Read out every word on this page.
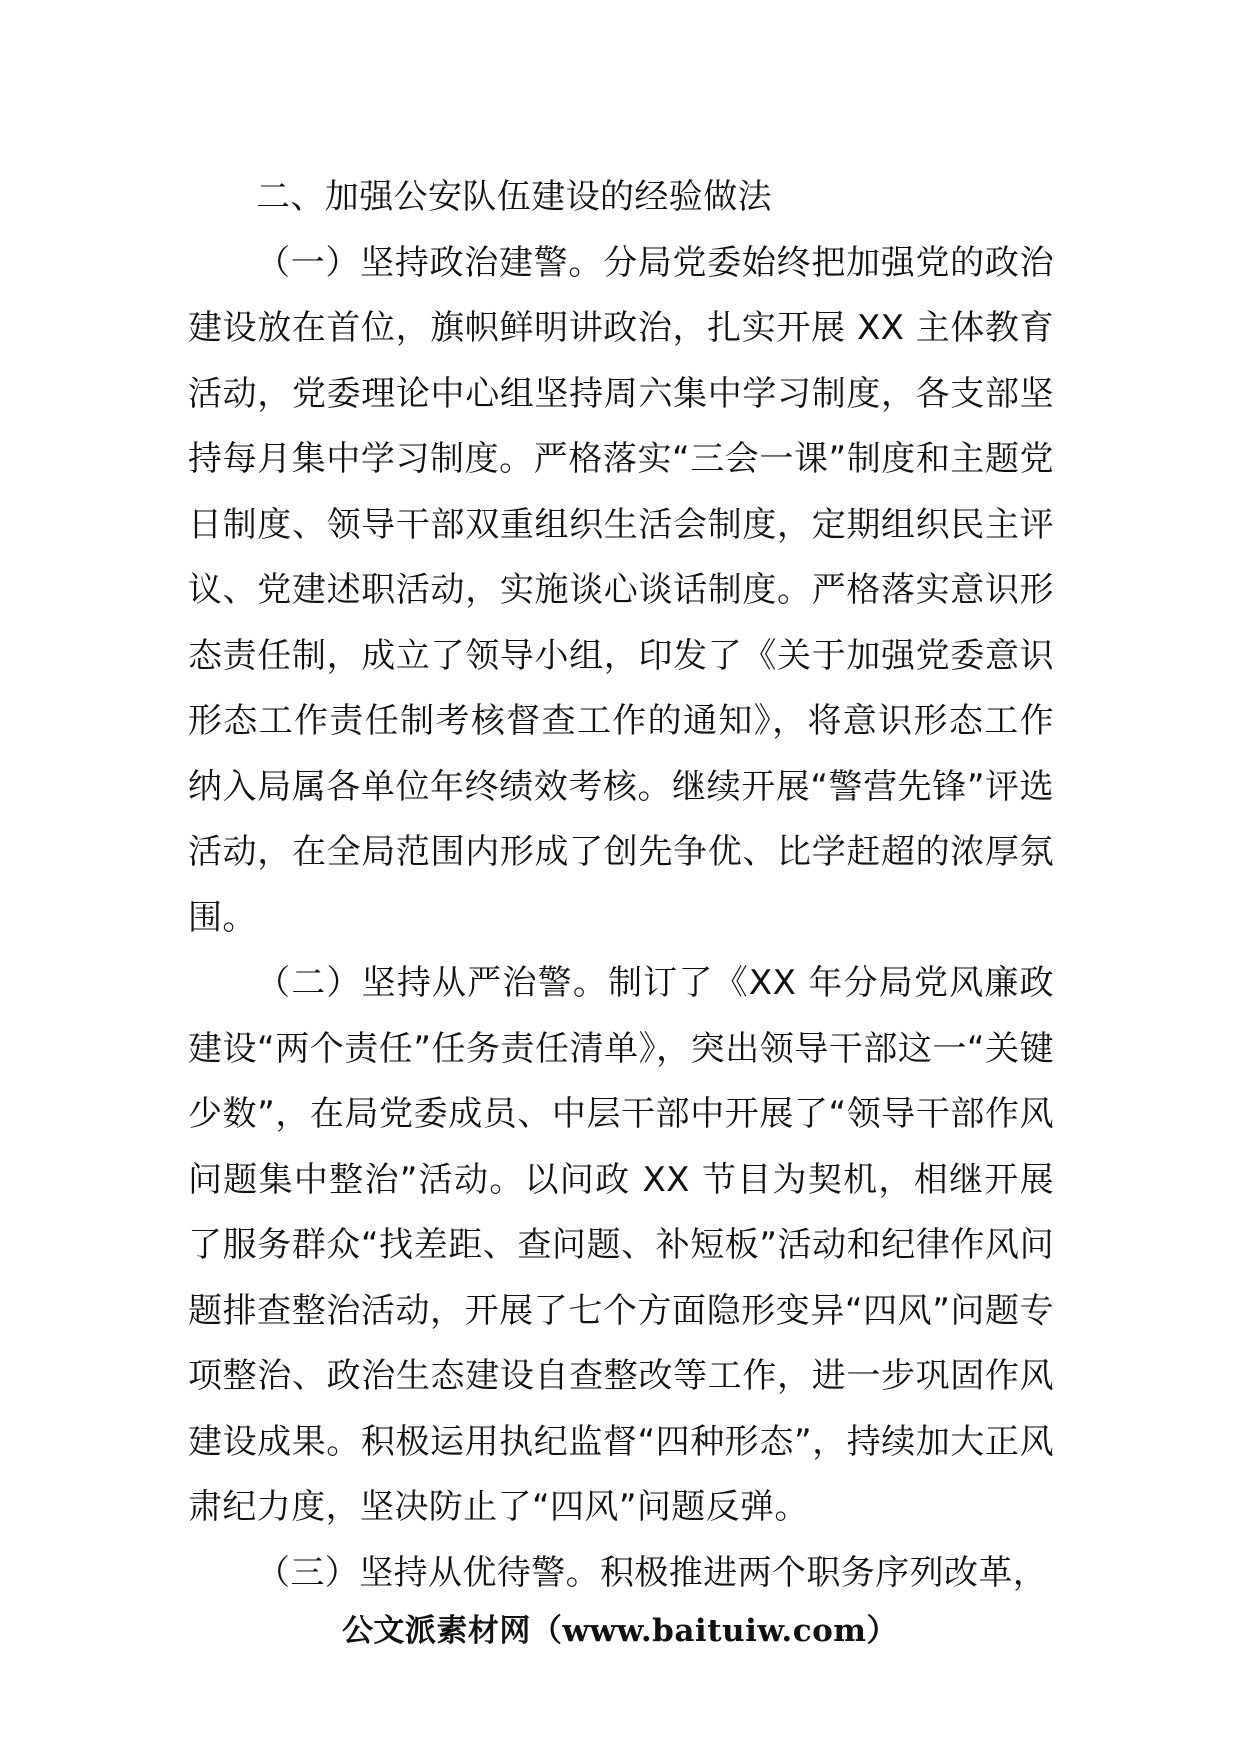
二、加强公安队伍建设的经验做法

（一）坚持政治建警。分局党委始终把加强党的政治建设放在首位，旗帜鲜明讲政治，扎实开展 XX 主体教育活动，党委理论中心组坚持周六集中学习制度，各支部坚持每月集中学习制度。严格落实“三会一课”制度和主题党日制度、领导干部双重组织生活会制度，定期组织民主评议、党建述职活动，实施谈心谈话制度。严格落实意识形态责任制，成立了领导小组，印发了《关于加强党委意识形态工作责任制考核督查工作的通知》，将意识形态工作纳入局属各单位年终绩效考核。继续开展“警营先锋”评选活动，在全局范围内形成了创先争优、比学赶超的浓厚氛围。

（二）坚持从严治警。制订了《XX 年分局党风廉政建设“两个责任”任务责任清单》，突出领导干部这一“关键少数”，在局党委成员、中层干部中开展了“领导干部作风问题集中整治”活动。以问政 XX 节目为契机，相继开展了服务群众“找差距、查问题、补短板”活动和纪律作风问题排查整治活动，开展了七个方面隐形变异“四风”问题专项整治、政治生态建设自查整改等工作，进一步巩固作风建设成果。积极运用执纪监督“四种形态”，持续加大正风肃纪力度，坚决防止了“四风”问题反弹。

（三）坚持从优待警。积极推进两个职务序列改革，

公文派素材网（www.baituiw.com）
